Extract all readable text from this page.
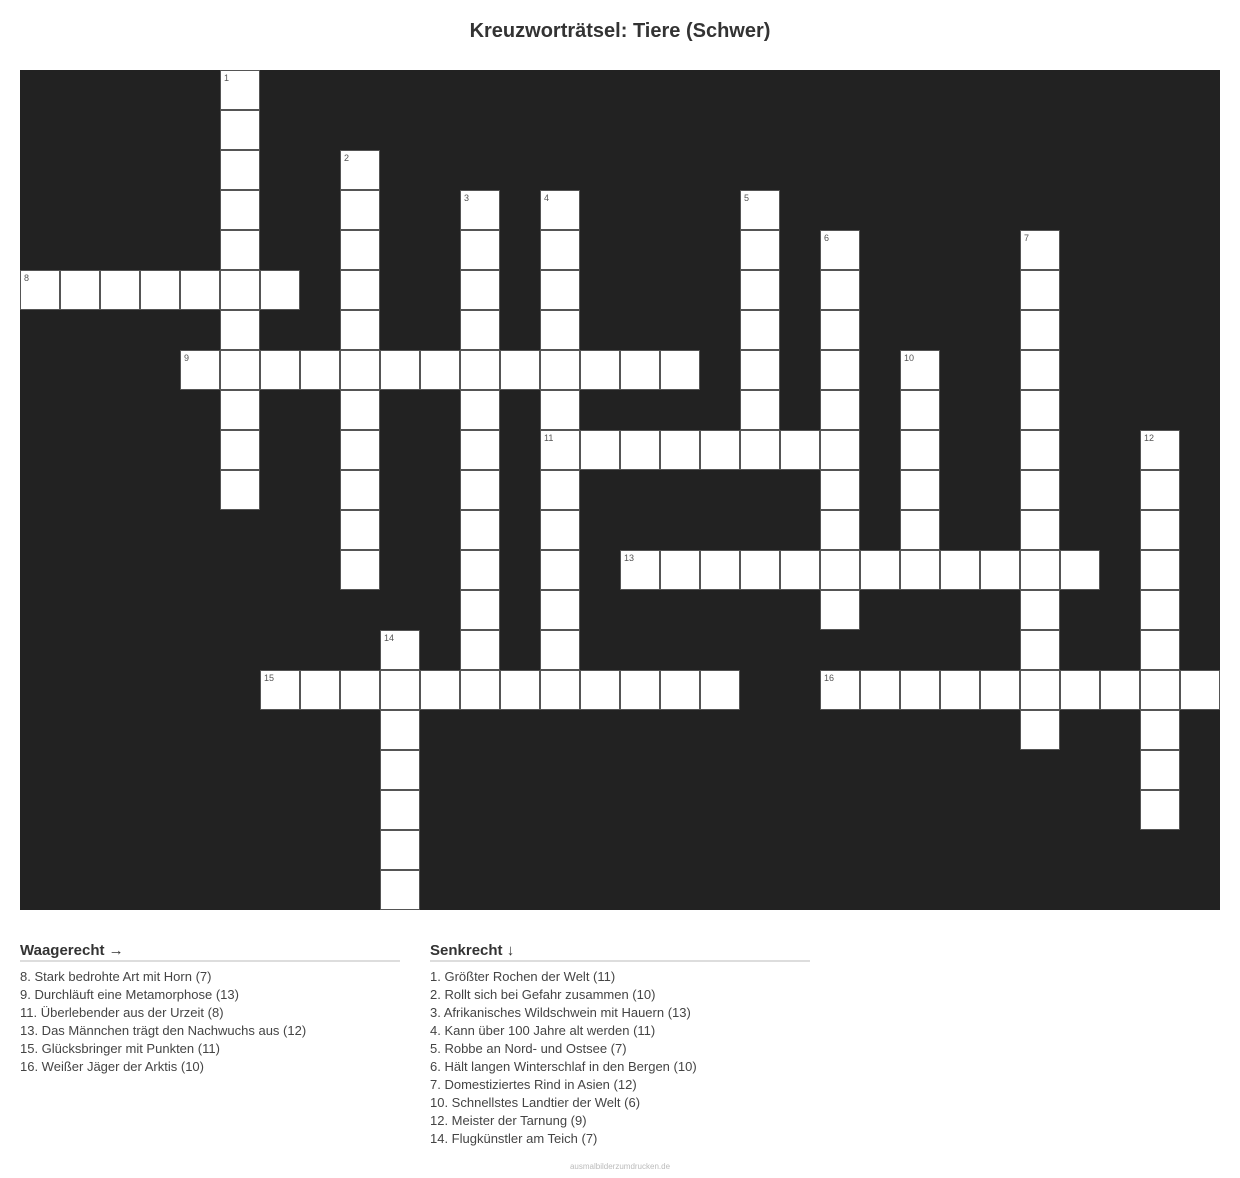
Kreuzworträtsel: Tiere (Schwer)
8
9
11
13
15	16
1
2
3	4	5
6	7
10
12
14
Waagerecht →
8. Stark bedrohte Art mit Horn (7)
9. Durchläuft eine Metamorphose (13)
11. Überlebender aus der Urzeit (8)
13. Das Männchen trägt den Nachwuchs aus (12)
15. Glücksbringer mit Punkten (11)
16. Weißer Jäger der Arktis (10)
Senkrecht ↓
1. Größter Rochen der Welt (11)
2. Rollt sich bei Gefahr zusammen (10)
3. Afrikanisches Wildschwein mit Hauern (13)
4. Kann über 100 Jahre alt werden (11)
5. Robbe an Nord- und Ostsee (7)
6. Hält langen Winterschlaf in den Bergen (10)
7. Domestiziertes Rind in Asien (12)
10. Schnellstes Landtier der Welt (6)
12. Meister der Tarnung (9)
14. Flugkünstler am Teich (7)
ausmalbilderzumdrucken.de
